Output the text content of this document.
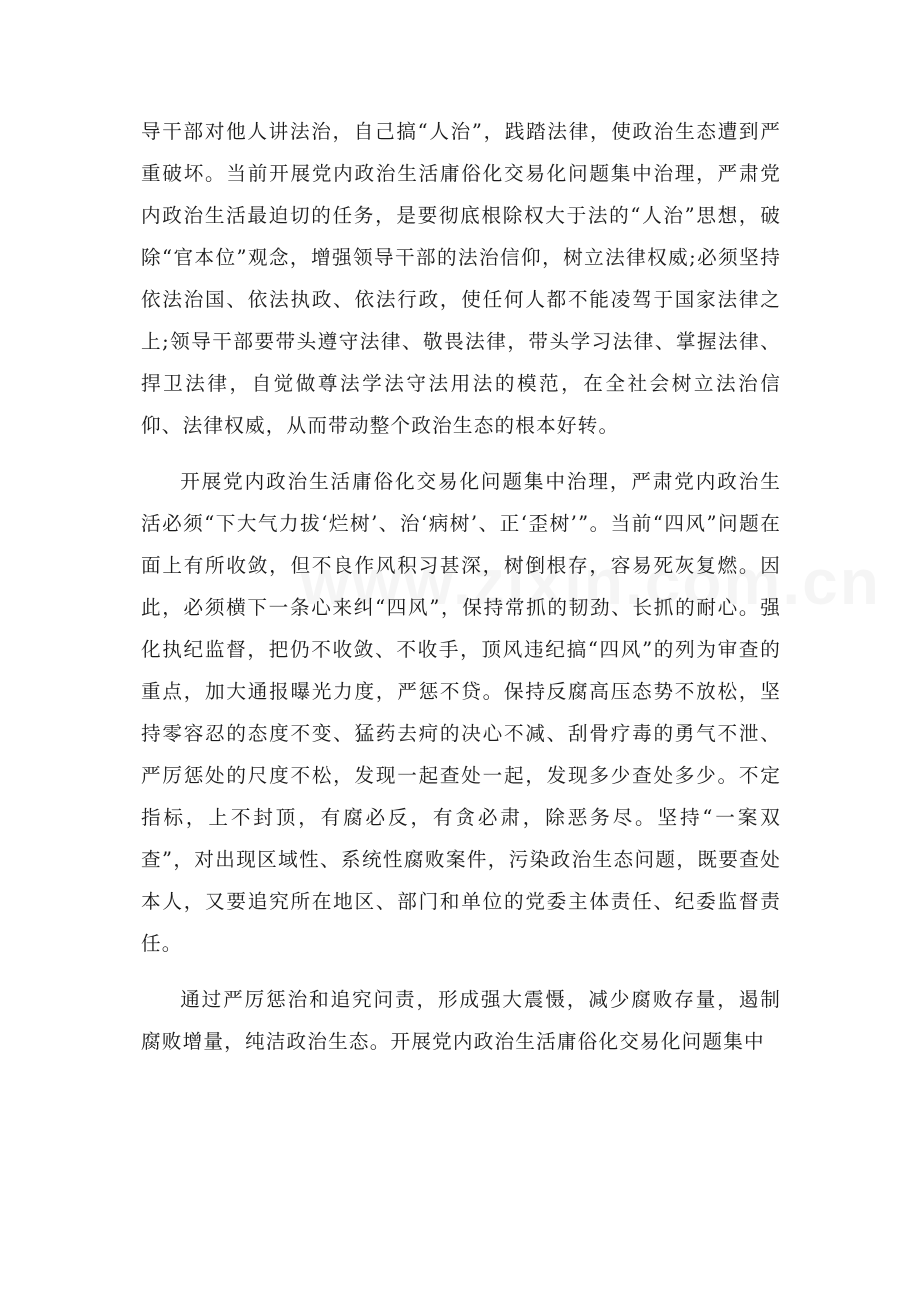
导干部对他人讲法治，自己搞“人治”，践踏法律，使政治生态遭到严重破坏。当前开展党内政治生活庸俗化交易化问题集中治理，严肃党内政治生活最迫切的任务，是要彻底根除权大于法的“人治”思想，破除“官本位”观念，增强领导干部的法治信仰，树立法律权威;必须坚持依法治国、依法执政、依法行政，使任何人都不能凌驾于国家法律之上;领导干部要带头遵守法律、敬畏法律，带头学习法律、掌握法律、捍卫法律，自觉做尊法学法守法用法的模范，在全社会树立法治信仰、法律权威，从而带动整个政治生态的根本好转。

开展党内政治生活庸俗化交易化问题集中治理，严肃党内政治生活必须“下大气力拔‘烂树’、治‘病树’、正‘歪树’”。当前“四风”问题在面上有所收敛，但不良作风积习甚深，树倒根存，容易死灰复燃。因此，必须横下一条心来纠“四风”，保持常抓的韧劲、长抓的耐心。强化执纪监督，把仍不收敛、不收手，顶风违纪搞“四风”的列为审查的重点，加大通报曝光力度，严惩不贷。保持反腐高压态势不放松，坚持零容忍的态度不变、猛药去疴的决心不减、刮骨疗毒的勇气不泄、严厉惩处的尺度不松，发现一起查处一起，发现多少查处多少。不定指标，上不封顶，有腐必反，有贪必肃，除恶务尽。坚持“一案双查”，对出现区域性、系统性腐败案件，污染政治生态问题，既要查处本人，又要追究所在地区、部门和单位的党委主体责任、纪委监督责任。

通过严厉惩治和追究问责，形成强大震慑，减少腐败存量，遏制腐败增量，纯洁政治生态。开展党内政治生活庸俗化交易化问题集中
